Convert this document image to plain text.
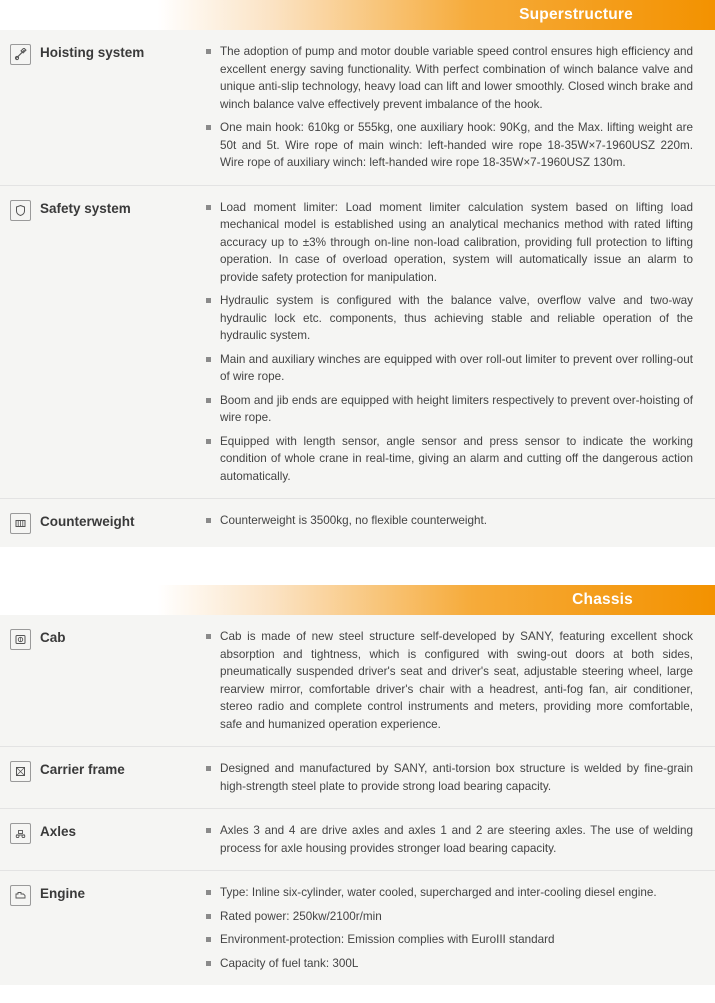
Superstructure
Hoisting system	The adoption of pump and motor double variable speed control ensures high efficiency and excellent energy saving functionality. With perfect combination of winch balance valve and unique anti-slip technology, heavy load can lift and lower smoothly. Closed winch brake and winch balance valve effectively prevent imbalance of the hook.
One main hook: 610kg or 555kg, one auxiliary hook: 90Kg, and the Max. lifting weight are 50t and 5t. Wire rope of main winch: left-handed wire rope 18-35W×7-1960USZ 220m. Wire rope of auxiliary winch: left-handed wire rope 18-35W×7-1960USZ 130m.
Safety system	Load moment limiter: Load moment limiter calculation system based on lifting load mechanical model is established using an analytical mechanics method with rated lifting accuracy up to ±3% through on-line non-load calibration, providing full protection to lifting operation. In case of overload operation, system will automatically issue an alarm to provide safety protection for manipulation.
Hydraulic system is configured with the balance valve, overflow valve and two-way hydraulic lock etc. components, thus achieving stable and reliable operation of the hydraulic system.
Main and auxiliary winches are equipped with over roll-out limiter to prevent over rolling-out of wire rope.
Boom and jib ends are equipped with height limiters respectively to prevent over-hoisting of wire rope.
Equipped with length sensor, angle sensor and press sensor to indicate the working condition of whole crane in real-time, giving an alarm and cutting off the dangerous action automatically.
Counterweight	Counterweight is 3500kg, no flexible counterweight.
Chassis
Cab	Cab is made of new steel structure self-developed by SANY, featuring excellent shock absorption and tightness, which is configured with swing-out doors at both sides, pneumatically suspended driver's seat and driver's seat, adjustable steering wheel, large rearview mirror, comfortable driver's chair with a headrest, anti-fog fan, air conditioner, stereo radio and complete control instruments and meters, providing more comfortable, safe and humanized operation experience.
Carrier frame	Designed and manufactured by SANY, anti-torsion box structure is welded by fine-grain high-strength steel plate to provide strong load bearing capacity.
Axles	Axles 3 and 4 are drive axles and axles 1 and 2 are steering axles. The use of welding process for axle housing provides stronger load bearing capacity.
Engine	Type: Inline six-cylinder, water cooled, supercharged and inter-cooling diesel engine.
Rated power: 250kw/2100r/min
Environment-protection: Emission complies with EuroIII standard
Capacity of fuel tank: 300L
